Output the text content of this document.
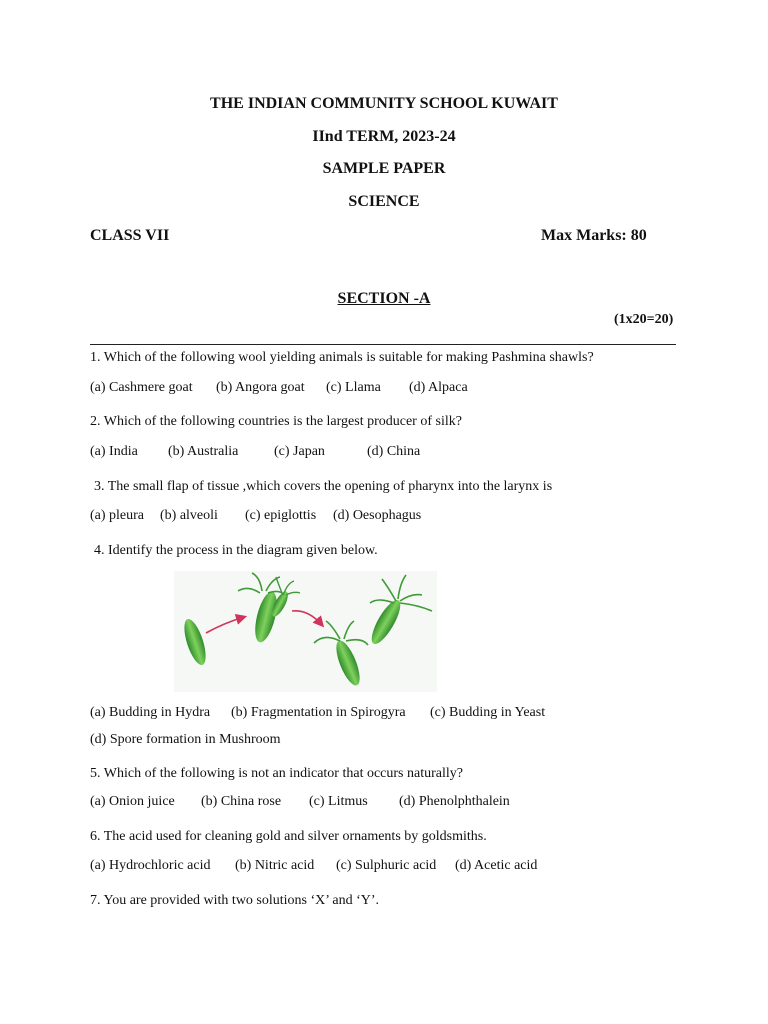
THE INDIAN COMMUNITY SCHOOL KUWAIT
IInd TERM, 2023-24
SAMPLE PAPER
SCIENCE
CLASS VII	Max Marks: 80
SECTION -A
(1x20=20)
1. Which of the following wool yielding animals is suitable for making Pashmina shawls?
(a) Cashmere goat (b) Angora goat (c) Llama (d) Alpaca
2. Which of the following countries is the largest producer of silk?
(a) India (b) Australia	(c) Japan	(d) China
3. The small flap of tissue ,which covers the opening of pharynx into the larynx is
(a) pleura (b) alveoli (c) epiglottis (d) Oesophagus
4. Identify the process in the diagram given below.
(a) Budding in Hydra (b) Fragmentation in Spirogyra (c) Budding in Yeast
(d) Spore formation in Mushroom
5. Which of the following is not an indicator that occurs naturally?
(a) Onion juice (b) China rose (c) Litmus (d) Phenolphthalein
6. The acid used for cleaning gold and silver ornaments by goldsmiths.
(a) Hydrochloric acid (b) Nitric acid (c) Sulphuric acid (d) Acetic acid
7. You are provided with two solutions ‘X’ and ‘Y’.
